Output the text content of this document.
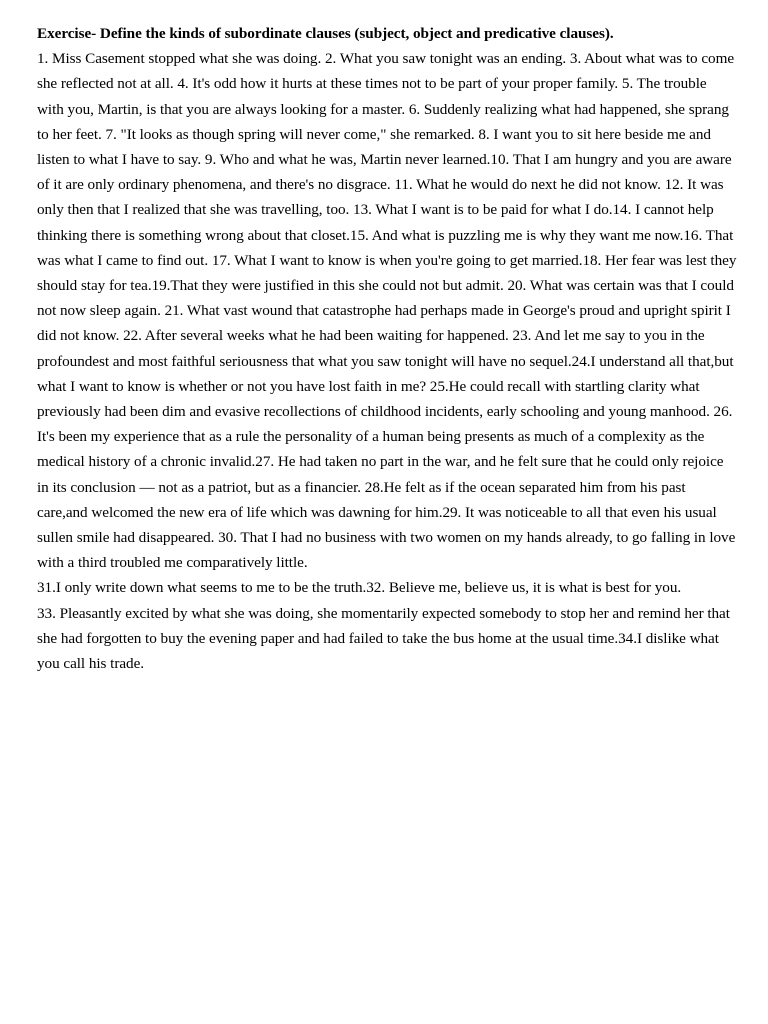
Exercise- Define the kinds of subordinate clauses (subject, object and predicative clauses).

1. Miss Casement stopped what she was doing. 2. What you saw tonight was an ending. 3. About what was to come she reflected not at all. 4. It's odd how it hurts at these times not to be part of your proper family. 5. The trouble with you, Martin, is that you are always looking for a master. 6. Suddenly realizing what had happened, she sprang to her feet. 7. "It looks as though spring will never come," she remarked. 8. I want you to sit here beside me and listen to what I have to say. 9. Who and what he was, Martin never learned.10. That I am hungry and you are aware of it are only ordinary phenomena, and there's no disgrace. 11. What he would do next he did not know. 12. It was only then that I realized that she was travelling, too. 13. What I want is to be paid for what I do.14. I cannot help thinking there is something wrong about that closet.15. And what is puzzling me is why they want me now.16. That was what I came to find out. 17. What I want to know is when you're going to get married.18. Her fear was lest they should stay for tea.19.That they were justified in this she could not but admit. 20. What was certain was that I could not now sleep again. 21. What vast wound that catastrophe had perhaps made in George's proud and upright spirit I did not know. 22. After several weeks what he had been waiting for happened. 23. And let me say to you in the profoundest and most faithful seriousness that what you saw tonight will have no sequel.24.I understand all that,but what I want to know is whether or not you have lost faith in me? 25.He could recall with startling clarity what previously had been dim and evasive recollections of childhood incidents, early schooling and young manhood. 26. It's been my experience that as a rule the personality of a human being presents as much of a complexity as the medical history of a chronic invalid.27. He had taken no part in the war, and he felt sure that he could only rejoice in its conclusion — not as a patriot, but as a financier. 28.He felt as if the ocean separated him from his past care,and welcomed the new era of life which was dawning for him.29. It was noticeable to all that even his usual sullen smile had disappeared. 30. That I had no business with two women on my hands already, to go falling in love with a third troubled me comparatively little.

31.I only write down what seems to me to be the truth.32. Believe me, believe us, it is what is best for you.

33. Pleasantly excited by what she was doing, she momentarily expected somebody to stop her and remind her that she had forgotten to buy the evening paper and had failed to take the bus home at the usual time.34.I dislike what you call his trade.
